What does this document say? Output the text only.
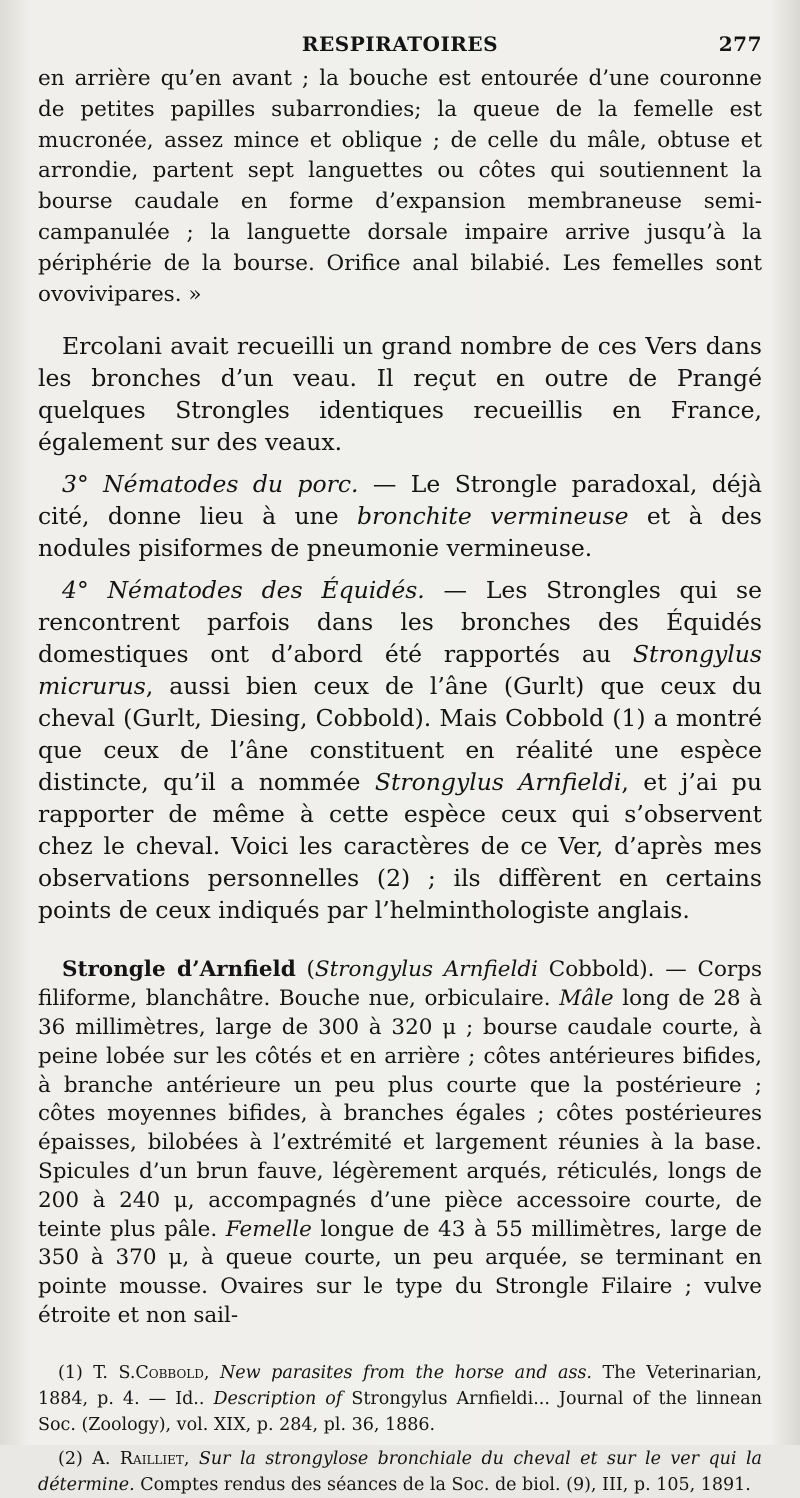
RESPIRATOIRES	277

en arrière qu’en avant ; la bouche est entourée d’une couronne de petites papilles subarrondies; la queue de la femelle est mucronée, assez mince et oblique ; de celle du mâle, obtuse et arrondie, partent sept languettes ou côtes qui soutiennent la bourse caudale en forme d’expansion membraneuse semi-campanulée ; la languette dorsale impaire arrive jusqu’à la périphérie de la bourse. Orifice anal bilabié. Les femelles sont ovovivipares. »

Ercolani avait recueilli un grand nombre de ces Vers dans les bronches d’un veau. Il reçut en outre de Prangé quelques Strongles identiques recueillis en France, également sur des veaux.

3° Nématodes du porc. — Le Strongle paradoxal, déjà cité, donne lieu à une bronchite vermineuse et à des nodules pisiformes de pneumonie vermineuse.

4° Nématodes des Équidés. — Les Strongles qui se rencontrent parfois dans les bronches des Équidés domestiques ont d’abord été rapportés au Strongylus micrurus, aussi bien ceux de l’âne (Gurlt) que ceux du cheval (Gurlt, Diesing, Cobbold). Mais Cobbold (1) a montré que ceux de l’âne constituent en réalité une espèce distincte, qu’il a nommée Strongylus Arnfieldi, et j’ai pu rapporter de même à cette espèce ceux qui s’observent chez le cheval. Voici les caractères de ce Ver, d’après mes observations personnelles (2) ; ils diffèrent en certains points de ceux indiqués par l’helminthologiste anglais.

Strongle d’Arnfield (Strongylus Arnfieldi Cobbold). — Corps filiforme, blanchâtre. Bouche nue, orbiculaire. Mâle long de 28 à 36 millimètres, large de 300 à 320 μ ; bourse caudale courte, à peine lobée sur les côtés et en arrière ; côtes antérieures bifides, à branche antérieure un peu plus courte que la postérieure ; côtes moyennes bifides, à branches égales ; côtes postérieures épaisses, bilobées à l’extrémité et largement réunies à la base. Spicules d’un brun fauve, légèrement arqués, réticulés, longs de 200 à 240 μ, accompagnés d’une pièce accessoire courte, de teinte plus pâle. Femelle longue de 43 à 55 millimètres, large de 350 à 370 μ, à queue courte, un peu arquée, se terminant en pointe mousse. Ovaires sur le type du Strongle Filaire ; vulve étroite et non sail-

(1) T. S.Cobbold, New parasites from the horse and ass. The Veterinarian, 1884, p. 4. — Id.. Description of Strongylus Arnfieldi... Journal of the linnean Soc. (Zoology), vol. XIX, p. 284, pl. 36, 1886.

(2) A. Railliet, Sur la strongylose bronchiale du cheval et sur le ver qui la détermine. Comptes rendus des séances de la Soc. de biol. (9), III, p. 105, 1891.
